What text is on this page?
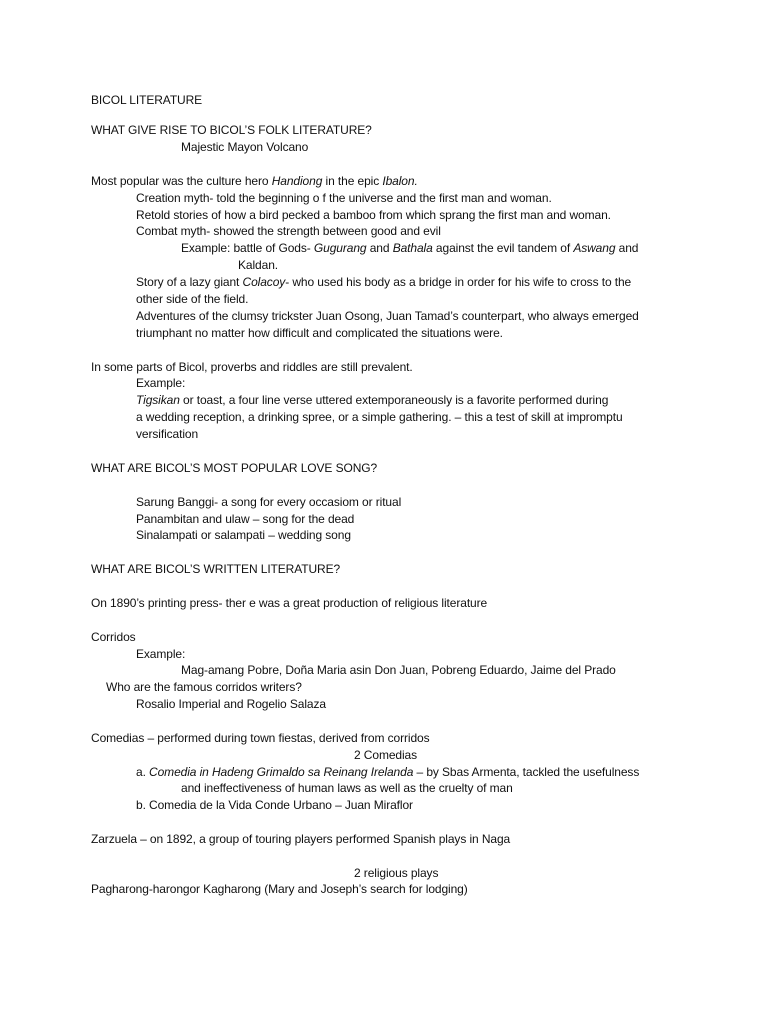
BICOL LITERATURE
WHAT GIVE RISE TO BICOL’S FOLK LITERATURE?
Majestic Mayon Volcano
Most popular was the culture hero Handiong in the epic Ibalon.
Creation myth- told the beginning o f the universe and the first man and woman.
Retold stories of how a bird pecked a bamboo from which sprang the first man and woman.
Combat myth- showed the strength between good and evil
Example: battle of Gods- Gugurang and Bathala against the evil tandem of Aswang and
Kaldan.
Story of a lazy giant Colacoy- who used his body as a bridge in order for his wife to cross to the
other side of the field.
Adventures of the clumsy trickster Juan Osong, Juan Tamad’s counterpart, who always emerged
triumphant no matter how difficult and complicated the situations were.
In some parts of Bicol, proverbs and riddles are still prevalent.
Example:
Tigsikan or toast, a four line verse uttered extemporaneously is a favorite performed during
a wedding reception, a drinking spree, or a simple gathering. – this a test of skill at impromptu
versification
WHAT ARE BICOL’S MOST POPULAR LOVE SONG?
Sarung Banggi- a song for every occasiom or ritual
Panambitan and ulaw – song for the dead
Sinalampati or salampati – wedding song
WHAT ARE BICOL’S WRITTEN LITERATURE?
On 1890’s printing press- ther e was a great production of religious literature
Corridos
Example:
Mag-amang Pobre, Doña Maria asin Don Juan, Pobreng Eduardo, Jaime del Prado
Who are the famous corridos writers?
Rosalio Imperial and Rogelio Salaza
Comedias – performed during town fiestas, derived from corridos
2 Comedias
a. Comedia in Hadeng Grimaldo sa Reinang Irelanda – by Sbas Armenta, tackled the usefulness
and ineffectiveness of human laws as well as the cruelty of man
b. Comedia de la Vida Conde Urbano – Juan Miraflor
Zarzuela – on 1892, a group of touring players performed Spanish plays in Naga
2 religious plays
Pagharong-harongor Kagharong (Mary and Joseph’s search for lodging)
